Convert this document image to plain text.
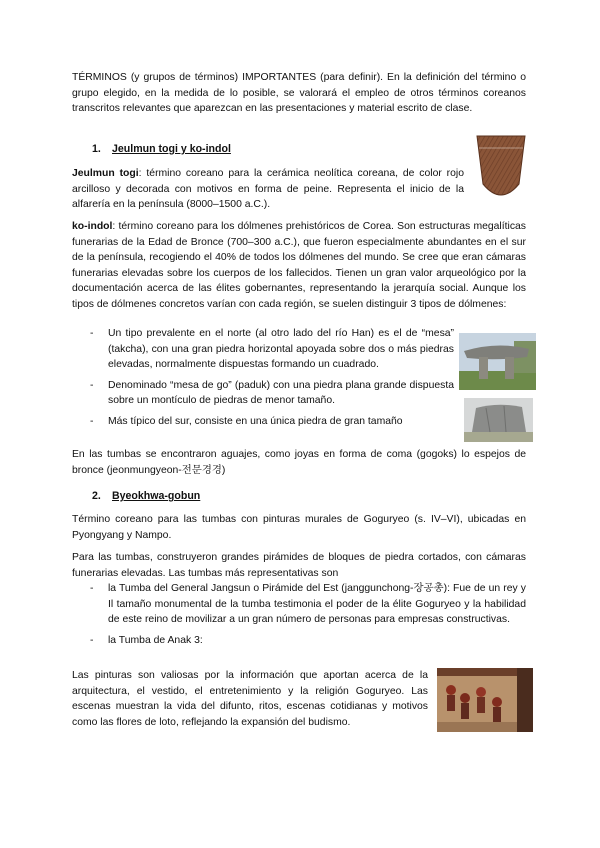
TÉRMINOS (y grupos de términos) IMPORTANTES (para definir). En la definición del término o grupo elegido, en la medida de lo posible, se valorará el empleo de otros términos coreanos transcritos relevantes que aparezcan en las presentaciones y material escrito de clase.

1. Jeulmun togi y ko-indol

Jeulmun togi: término coreano para la cerámica neolítica coreana, de color rojo arcilloso y decorada con motivos en forma de peine. Representa el inicio de la alfarería en la península (8000–1500 a.C.).

ko-indol: término coreano para los dólmenes prehistóricos de Corea. Son estructuras megalíticas funerarias de la Edad de Bronce (700–300 a.C.), que fueron especialmente abundantes en el sur de la península, recogiendo el 40% de todos los dólmenes del mundo. Se cree que eran cámaras funerarias elevadas sobre los cuerpos de los fallecidos. Tienen un gran valor arqueológico por la documentación acerca de las élites gobernantes, representando la jerarquía social. Aunque los tipos de dólmenes concretos varían con cada región, se suelen distinguir 3 tipos de dólmenes:

- Un tipo prevalente en el norte (al otro lado del río Han) es el de “mesa” (takcha), con una gran piedra horizontal apoyada sobre dos o más piedras elevadas, normalmente dispuestas formando un cuadrado.
- Denominado “mesa de go” (paduk) con una piedra plana grande dispuesta sobre un montículo de piedras de menor tamaño.
- Más típico del sur, consiste en una única piedra de gran tamaño

En las tumbas se encontraron aguajes, como joyas en forma de coma (gogoks) lo espejos de bronce (jeonmungyeon-전문경경)

2. Byeokhwa-gobun

Término coreano para las tumbas con pinturas murales de Goguryeo (s. IV–VI), ubicadas en Pyongyang y Nampo.

Para las tumbas, construyeron grandes pirámides de bloques de piedra cortados, con cámaras funerarias elevadas. Las tumbas más representativas son

- la Tumba del General Jangsun o Pirámide del Est (janggunchong-장공총): Fue de un rey y Il tamaño monumental de la tumba testimonia el poder de la élite Goguryeo y la habilidad de este reino de movilizar a un gran número de personas para empresas constructivas.
- la Tumba de Anak 3:

Las pinturas son valiosas por la información que aportan acerca de la arquitectura, el vestido, el entretenimiento y la religión Goguryeo. Las escenas muestran la vida del difunto, ritos, escenas cotidianas y motivos como las flores de loto, reflejando la expansión del budismo.
